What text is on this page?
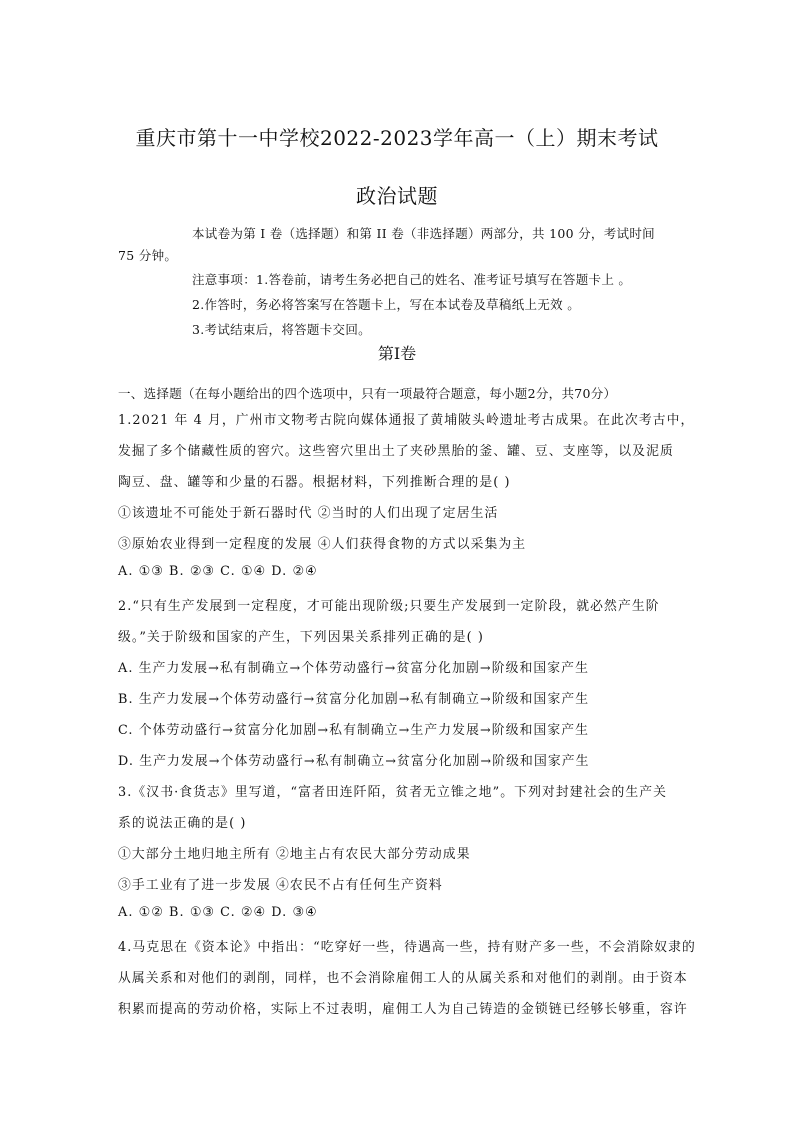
重庆市第十一中学校2022-2023学年高一（上）期末考试
政治试题
本试卷为第 I 卷（选择题）和第 II 卷（非选择题）两部分，共 100 分，考试时间
75 分钟。
注意事项：1.答卷前，请考生务必把自己的姓名、准考证号填写在答题卡上 。
2.作答时，务必将答案写在答题卡上，写在本试卷及草稿纸上无效 。
3.考试结束后，将答题卡交回。
第I卷
一、选择题（在每小题给出的四个选项中，只有一项最符合题意，每小题2分，共70分）
1.2021 年 4 月，广州市文物考古院向媒体通报了黄埔陂头岭遗址考古成果。在此次考古中，
发掘了多个储藏性质的窖穴。这些窖穴里出土了夹砂黑胎的釜、罐、豆、支座等，以及泥质
陶豆、盘、罐等和少量的石器。根据材料，下列推断合理的是( )
①该遗址不可能处于新石器时代 ②当时的人们出现了定居生活
③原始农业得到一定程度的发展 ④人们获得食物的方式以采集为主
A. ①③ B. ②③ C. ①④ D. ②④
2.“只有生产发展到一定程度，才可能出现阶级;只要生产发展到一定阶段，就必然产生阶
级。”关于阶级和国家的产生，下列因果关系排列正确的是( )
A. 生产力发展→私有制确立→个体劳动盛行→贫富分化加剧→阶级和国家产生
B. 生产力发展→个体劳动盛行→贫富分化加剧→私有制确立→阶级和国家产生
C. 个体劳动盛行→贫富分化加剧→私有制确立→生产力发展→阶级和国家产生
D. 生产力发展→个体劳动盛行→私有制确立→贫富分化加剧→阶级和国家产生
3.《汉书·食货志》里写道，“富者田连阡陌，贫者无立锥之地”。下列对封建社会的生产关
系的说法正确的是( )
①大部分土地归地主所有 ②地主占有农民大部分劳动成果
③手工业有了进一步发展 ④农民不占有任何生产资料
A. ①② B. ①③ C. ②④ D. ③④
4.马克思在《资本论》中指出：“吃穿好一些，待遇高一些，持有财产多一些，不会消除奴隶的
从属关系和对他们的剥削，同样，也不会消除雇佣工人的从属关系和对他们的剥削。由于资本
积累而提高的劳动价格，实际上不过表明，雇佣工人为自己铸造的金锁链已经够长够重，容许
